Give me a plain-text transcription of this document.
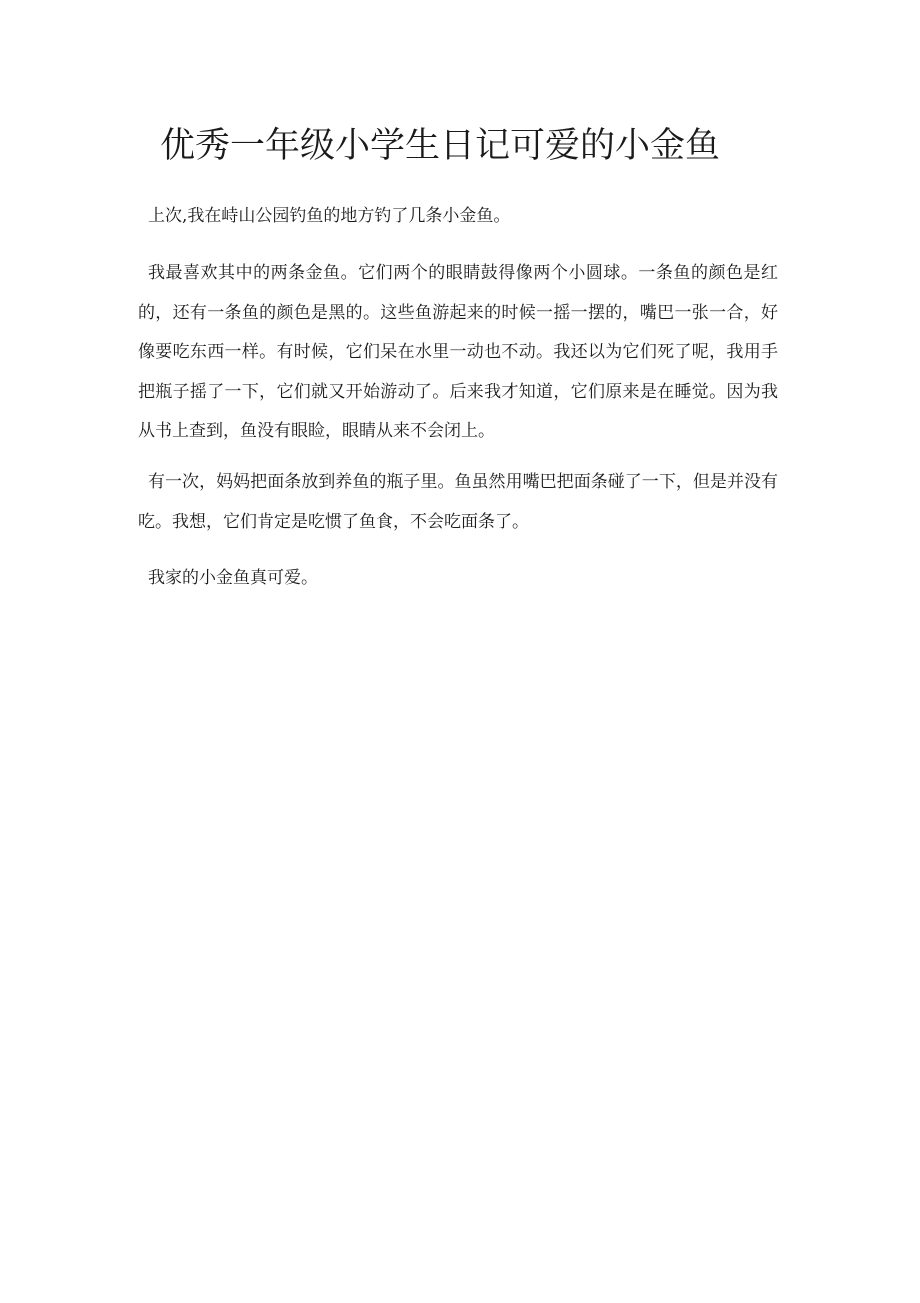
优秀一年级小学生日记可爱的小金鱼

上次,我在峙山公园钓鱼的地方钓了几条小金鱼。

我最喜欢其中的两条金鱼。它们两个的眼睛鼓得像两个小圆球。一条鱼的颜色是红的，还有一条鱼的颜色是黑的。这些鱼游起来的时候一摇一摆的，嘴巴一张一合，好像要吃东西一样。有时候，它们呆在水里一动也不动。我还以为它们死了呢，我用手把瓶子摇了一下，它们就又开始游动了。后来我才知道，它们原来是在睡觉。因为我从书上查到，鱼没有眼睑，眼睛从来不会闭上。

有一次，妈妈把面条放到养鱼的瓶子里。鱼虽然用嘴巴把面条碰了一下，但是并没有吃。我想，它们肯定是吃惯了鱼食，不会吃面条了。

我家的小金鱼真可爱。
